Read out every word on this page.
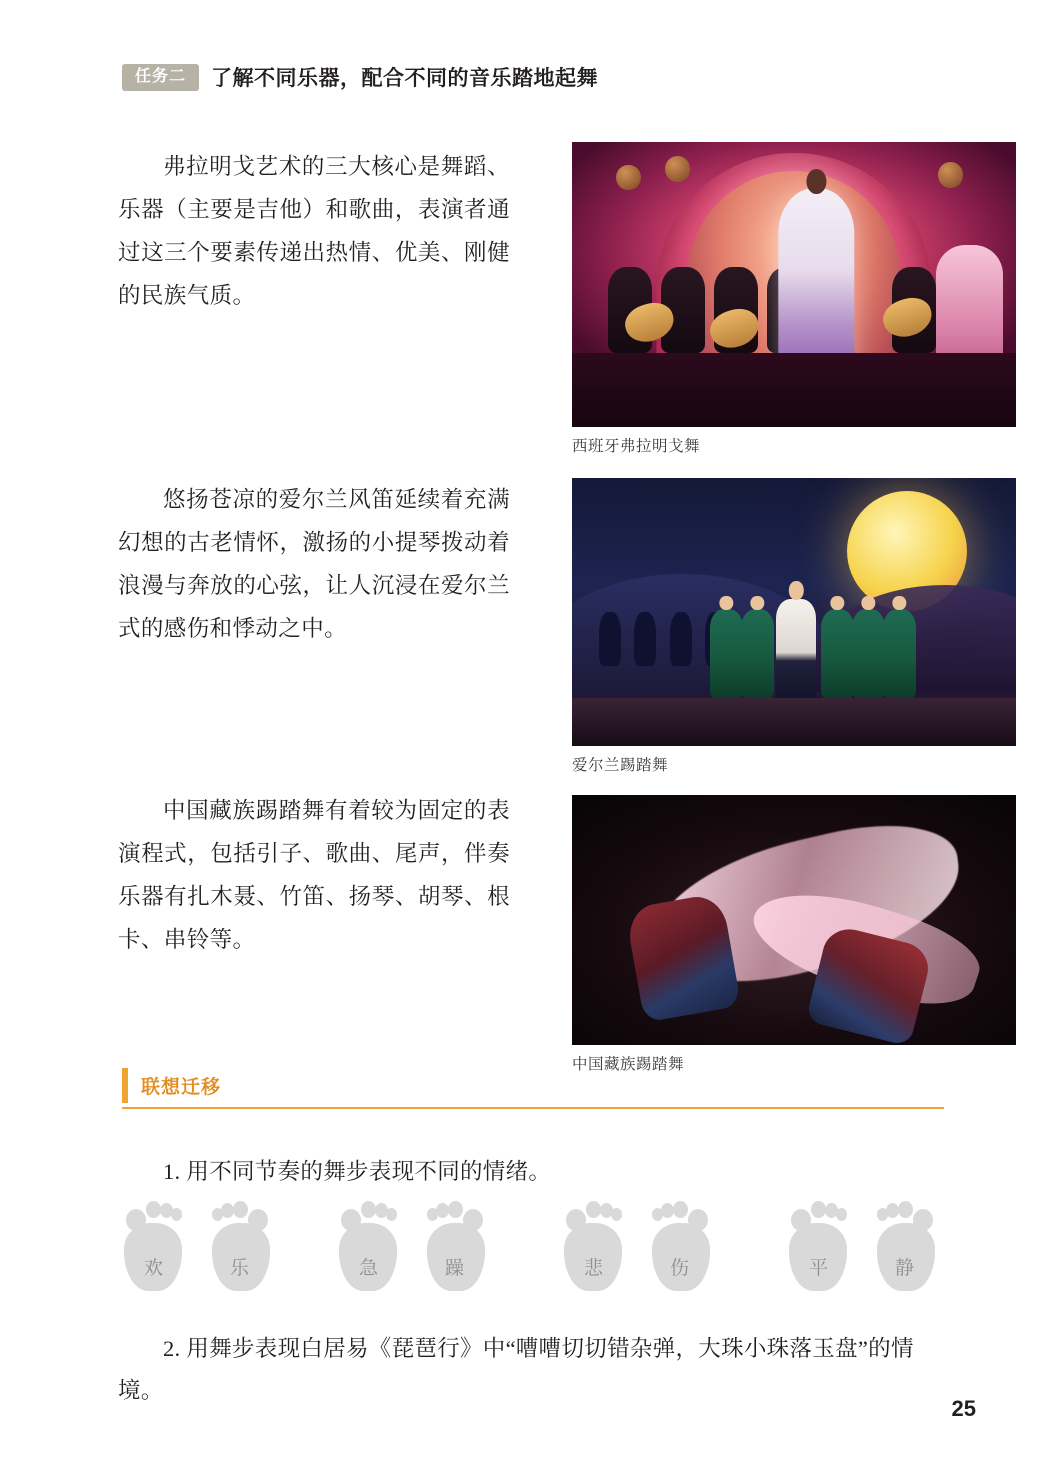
任务二	了解不同乐器，配合不同的音乐踏地起舞

弗拉明戈艺术的三大核心是舞蹈、乐器（主要是吉他）和歌曲，表演者通过这三个要素传递出热情、优美、刚健的民族气质。

悠扬苍凉的爱尔兰风笛延续着充满幻想的古老情怀，激扬的小提琴拨动着浪漫与奔放的心弦，让人沉浸在爱尔兰式的感伤和悸动之中。

中国藏族踢踏舞有着较为固定的表演程式，包括引子、歌曲、尾声，伴奏乐器有扎木聂、竹笛、扬琴、胡琴、根卡、串铃等。

西班牙弗拉明戈舞
爱尔兰踢踏舞
中国藏族踢踏舞
联想迁移

1. 用不同节奏的舞步表现不同的情绪。

欢	乐	急	躁	悲	伤	平	静

2. 用舞步表现白居易《琵琶行》中“嘈嘈切切错杂弹，大珠小珠落玉盘”的情境。

25
